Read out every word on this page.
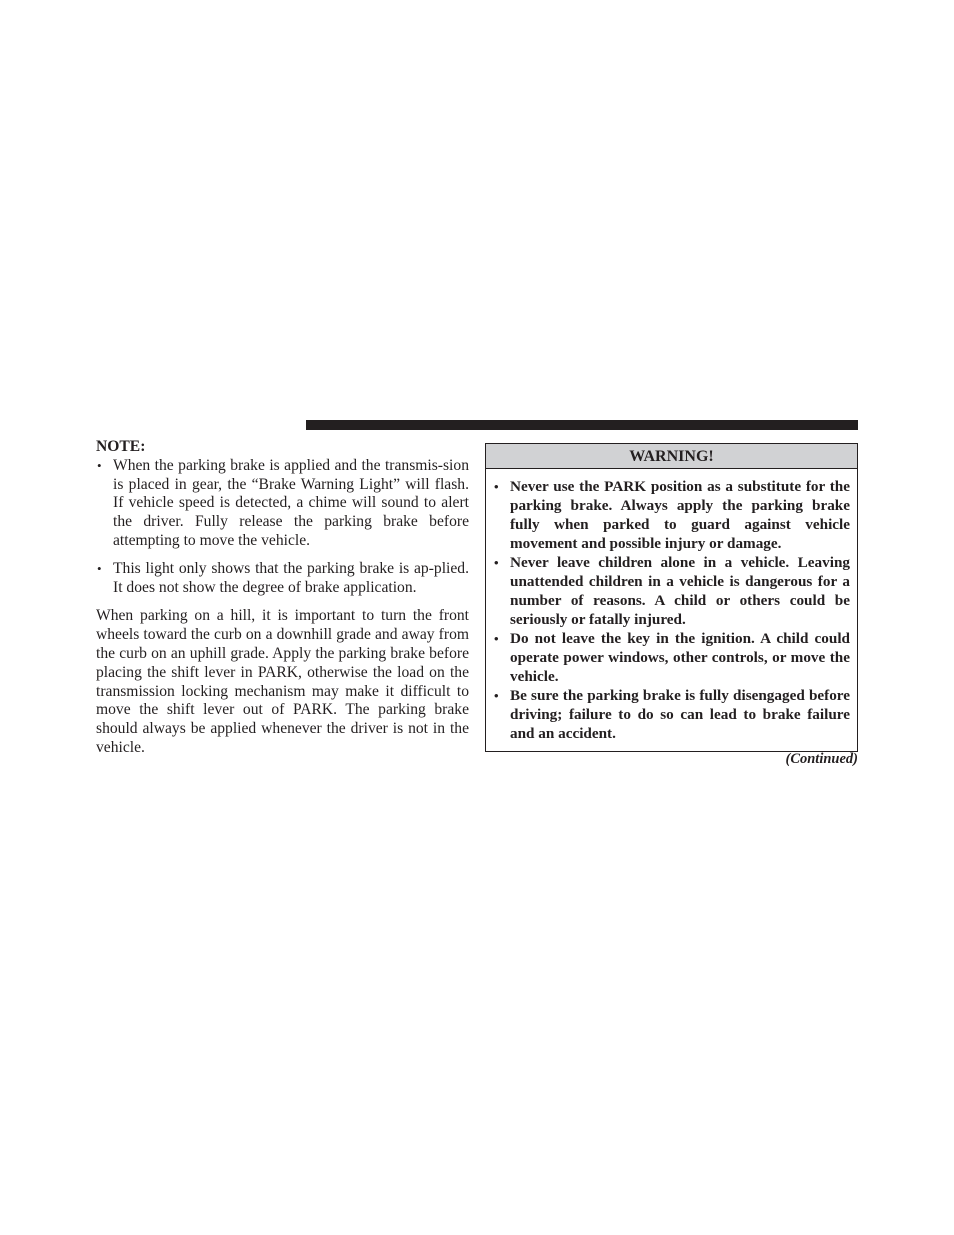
NOTE:

• When the parking brake is applied and the transmis-sion is placed in gear, the “Brake Warning Light” will flash. If vehicle speed is detected, a chime will sound to alert the driver. Fully release the parking brake before attempting to move the vehicle.
• This light only shows that the parking brake is ap-plied. It does not show the degree of brake application.

When parking on a hill, it is important to turn the front wheels toward the curb on a downhill grade and away from the curb on an uphill grade. Apply the parking brake before placing the shift lever in PARK, otherwise the load on the transmission locking mechanism may make it difficult to move the shift lever out of PARK. The parking brake should always be applied whenever the driver is not in the vehicle.

WARNING!
• Never use the PARK position as a substitute for the parking brake. Always apply the parking brake fully when parked to guard against vehicle movement and possible injury or damage.
• Never leave children alone in a vehicle. Leaving unattended children in a vehicle is dangerous for a number of reasons. A child or others could be seriously or fatally injured.
• Do not leave the key in the ignition. A child could operate power windows, other controls, or move the vehicle.
• Be sure the parking brake is fully disengaged before driving; failure to do so can lead to brake failure and an accident.
(Continued)
